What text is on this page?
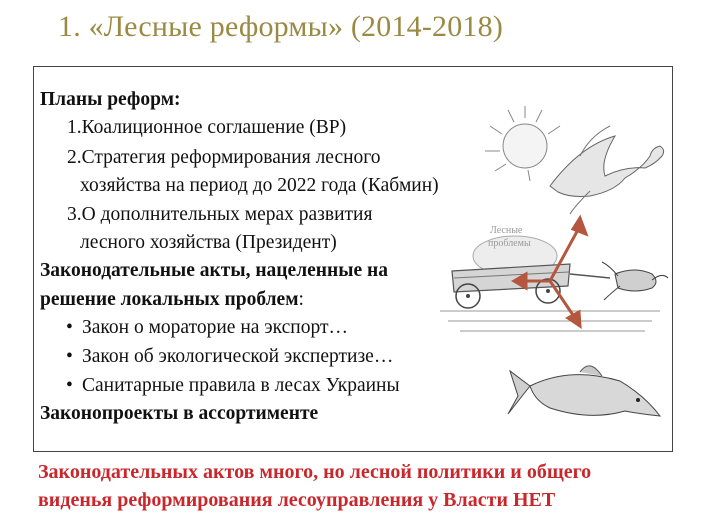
1. «Лесные реформы» (2014-2018)
Планы реформ:
1.Коалиционное соглашение (ВР)
2.Стратегия реформирования лесного
хозяйства на период до 2022 года (Кабмин)
3.О дополнительных мерах развития
лесного хозяйства (Президент)
Законодательные акты, нацеленные на
решение локальных проблем:
• Закон о мораторие на экспорт…
• Закон об экологической экспертизе…
• Санитарные правила в лесах Украины
Законопроекты в ассортименте
Лесные
проблемы
Законодательных актов много, но лесной политики и общего
виденья реформирования лесоуправления у Власти НЕТ
